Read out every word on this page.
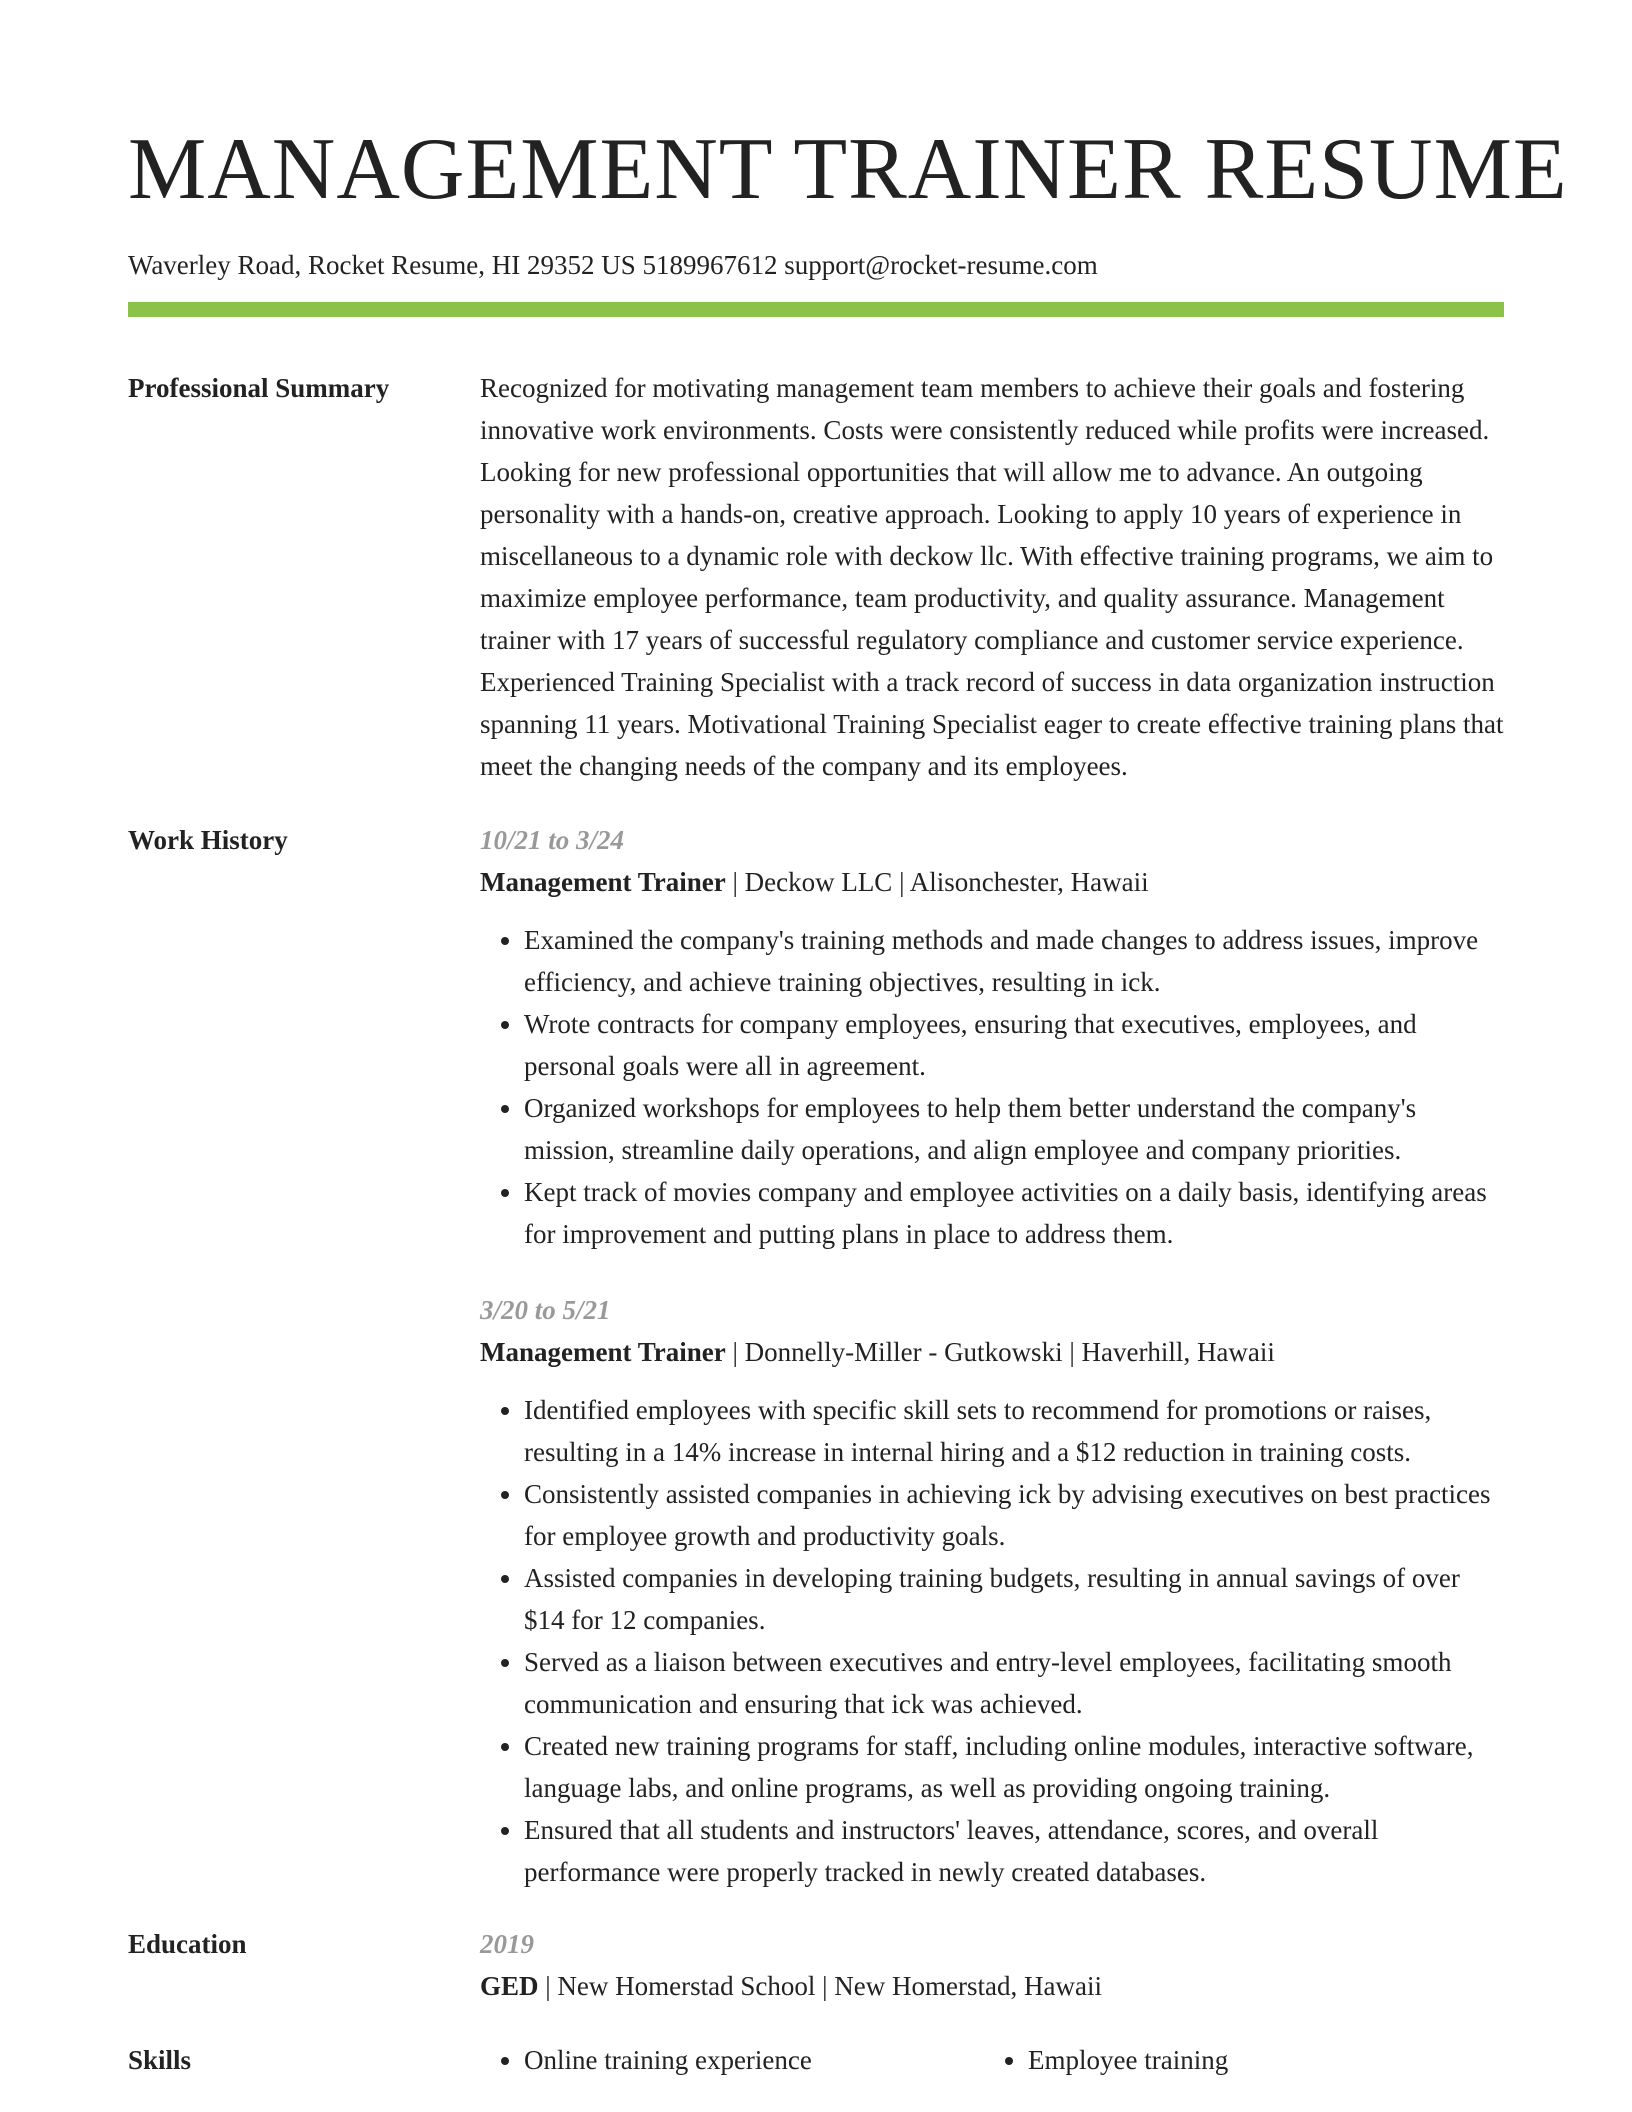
MANAGEMENT TRAINER RESUME
Waverley Road, Rocket Resume, HI 29352 US 5189967612 support@rocket-resume.com
Professional Summary	Recognized for motivating management team members to achieve their goals and fostering innovative work environments. Costs were consistently reduced while profits were increased. Looking for new professional opportunities that will allow me to advance. An outgoing personality with a hands-on, creative approach. Looking to apply 10 years of experience in miscellaneous to a dynamic role with deckow llc. With effective training programs, we aim to maximize employee performance, team productivity, and quality assurance. Management trainer with 17 years of successful regulatory compliance and customer service experience. Experienced Training Specialist with a track record of success in data organization instruction spanning 11 years. Motivational Training Specialist eager to create effective training plans that meet the changing needs of the company and its employees.

Work History	10/21 to 3/24
Management Trainer | Deckow LLC | Alisonchester, Hawaii
• Examined the company's training methods and made changes to address issues, improve efficiency, and achieve training objectives, resulting in ick.
• Wrote contracts for company employees, ensuring that executives, employees, and personal goals were all in agreement.
• Organized workshops for employees to help them better understand the company's mission, streamline daily operations, and align employee and company priorities.
• Kept track of movies company and employee activities on a daily basis, identifying areas for improvement and putting plans in place to address them.
3/20 to 5/21
Management Trainer | Donnelly-Miller - Gutkowski | Haverhill, Hawaii
• Identified employees with specific skill sets to recommend for promotions or raises, resulting in a 14% increase in internal hiring and a $12 reduction in training costs.
• Consistently assisted companies in achieving ick by advising executives on best practices for employee growth and productivity goals.
• Assisted companies in developing training budgets, resulting in annual savings of over $14 for 12 companies.
• Served as a liaison between executives and entry-level employees, facilitating smooth communication and ensuring that ick was achieved.
• Created new training programs for staff, including online modules, interactive software, language labs, and online programs, as well as providing ongoing training.
• Ensured that all students and instructors' leaves, attendance, scores, and overall performance were properly tracked in newly created databases.
Education	2019
GED | New Homerstad School | New Homerstad, Hawaii
Skills	• Online training experience	• Employee training
